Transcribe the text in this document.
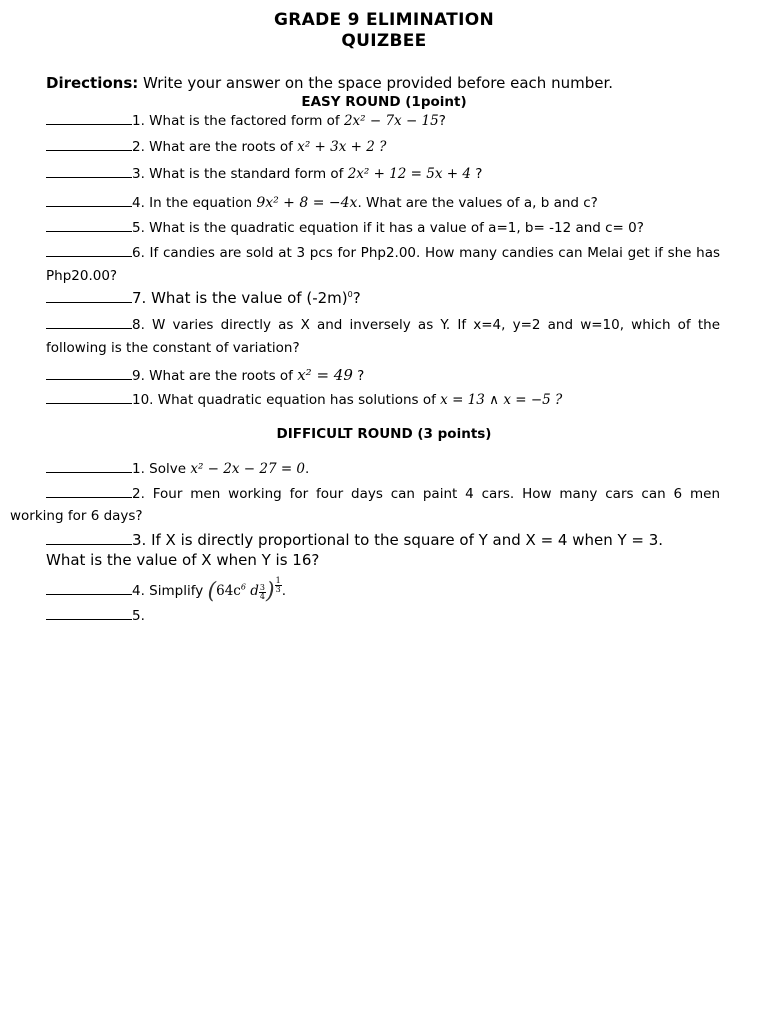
GRADE 9 ELIMINATION
QUIZBEE
Directions: Write your answer on the space provided before each number.
EASY ROUND (1point)
1. What is the factored form of 2x² − 7x − 15?
2. What are the roots of x² + 3x + 2 ?
3. What is the standard form of 2x² + 12 = 5x + 4 ?
4. In the equation 9x² + 8 = −4x. What are the values of a, b and c?
5. What is the quadratic equation if it has a value of a=1, b= -12 and c= 0?
6. If candies are sold at 3 pcs for Php2.00. How many candies can Melai get if she has Php20.00?
7. What is the value of $(-2m)^0$?
8. W varies directly as X and inversely as Y. If x=4, y=2 and w=10, which of the following is the constant of variation?
9. What are the roots of x² = 49 ?
10. What quadratic equation has solutions of x = 13 ∧ x = −5 ?
DIFFICULT ROUND (3 points)
1. Solve x² − 2x − 27 = 0.
2. Four men working for four days can paint 4 cars. How many cars can 6 men
working for 6 days?
3. If X is directly proportional to the square of Y and X = 4 when Y = 3.
What is the value of X when Y is 16?
4. Simplify ($64c^6$ d $\frac{3}{4}$ ) $\frac{1}{3}$ .
5.
